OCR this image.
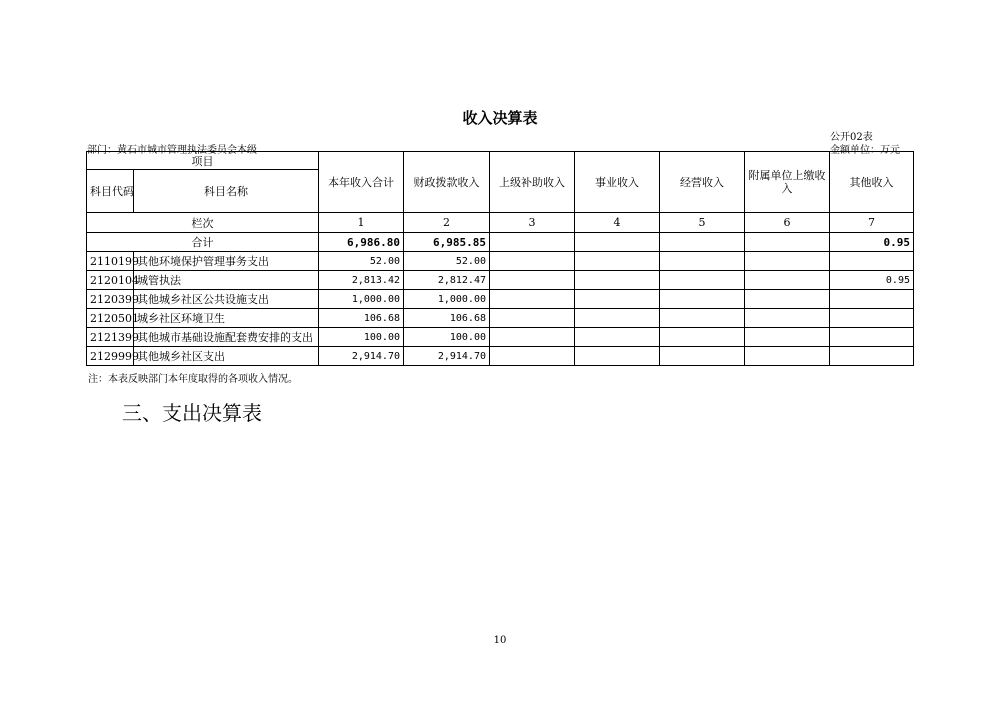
收入决算表
公开02表
部门：黄石市城市管理执法委员会本级	金额单位：万元
项目		本年收入合计	财政拨款收入	上级补助收入	事业收入	经营收入	附属单位上缴收入	其他收入
科目代码	科目名称							
栏次		1	2	3	4	5	6	7
合计		6,986.80	6,985.85					0.95
2110199	其他环境保护管理事务支出	52.00	52.00					
2120104	城管执法	2,813.42	2,812.47					0.95
2120399	其他城乡社区公共设施支出	1,000.00	1,000.00					
2120501	城乡社区环境卫生	106.68	106.68					
2121399	其他城市基础设施配套费安排的支出	100.00	100.00					
2129999	其他城乡社区支出	2,914.70	2,914.70					
注：本表反映部门本年度取得的各项收入情况。
三、支出决算表
10
